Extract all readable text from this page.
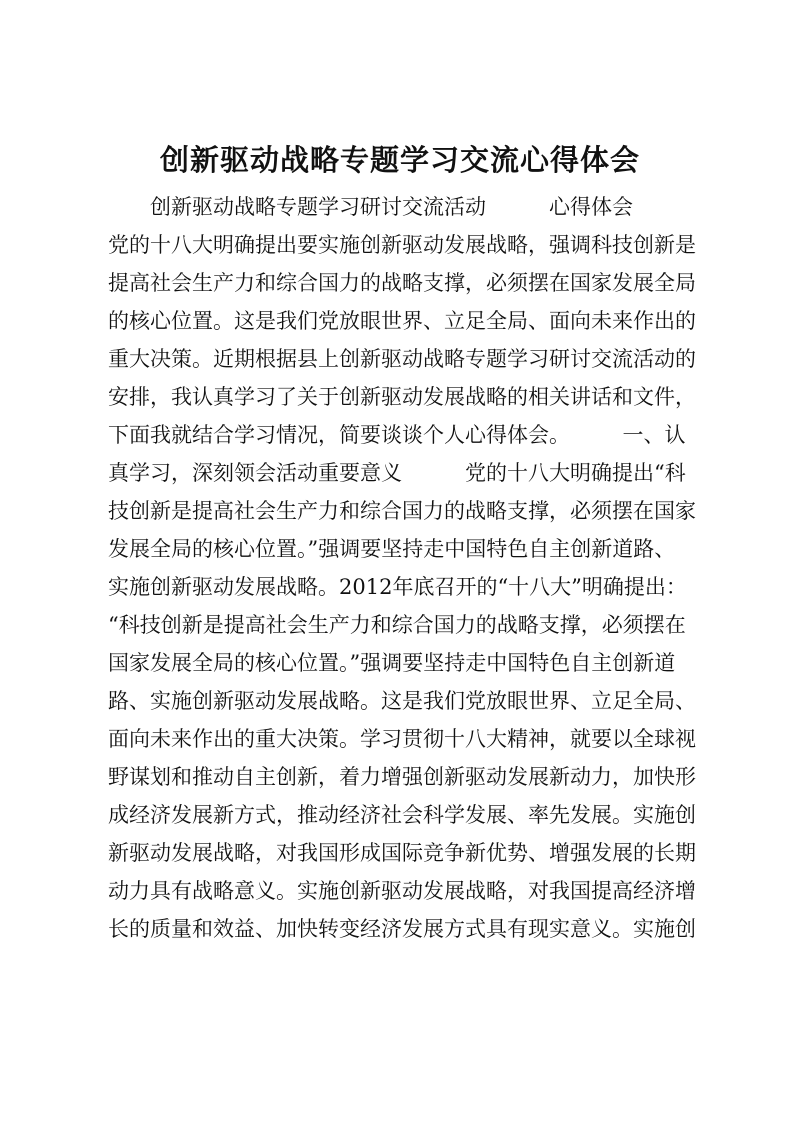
创新驱动战略专题学习交流心得体会
创新驱动战略专题学习研讨交流活动　　　心得体会
党的十八大明确提出要实施创新驱动发展战略，强调科技创新是
提高社会生产力和综合国力的战略支撑，必须摆在国家发展全局
的核心位置。这是我们党放眼世界、立足全局、面向未来作出的
重大决策。近期根据县上创新驱动战略专题学习研讨交流活动的
安排，我认真学习了关于创新驱动发展战略的相关讲话和文件，
下面我就结合学习情况，简要谈谈个人心得体会。　　　一、认
真学习，深刻领会活动重要意义　　　党的十八大明确提出“科
技创新是提高社会生产力和综合国力的战略支撑，必须摆在国家
发展全局的核心位置。”强调要坚持走中国特色自主创新道路、
实施创新驱动发展战略。2012年底召开的“十八大”明确提出：
“科技创新是提高社会生产力和综合国力的战略支撑，必须摆在
国家发展全局的核心位置。”强调要坚持走中国特色自主创新道
路、实施创新驱动发展战略。这是我们党放眼世界、立足全局、
面向未来作出的重大决策。学习贯彻十八大精神，就要以全球视
野谋划和推动自主创新，着力增强创新驱动发展新动力，加快形
成经济发展新方式，推动经济社会科学发展、率先发展。实施创
新驱动发展战略，对我国形成国际竞争新优势、增强发展的长期
动力具有战略意义。实施创新驱动发展战略，对我国提高经济增
长的质量和效益、加快转变经济发展方式具有现实意义。实施创
